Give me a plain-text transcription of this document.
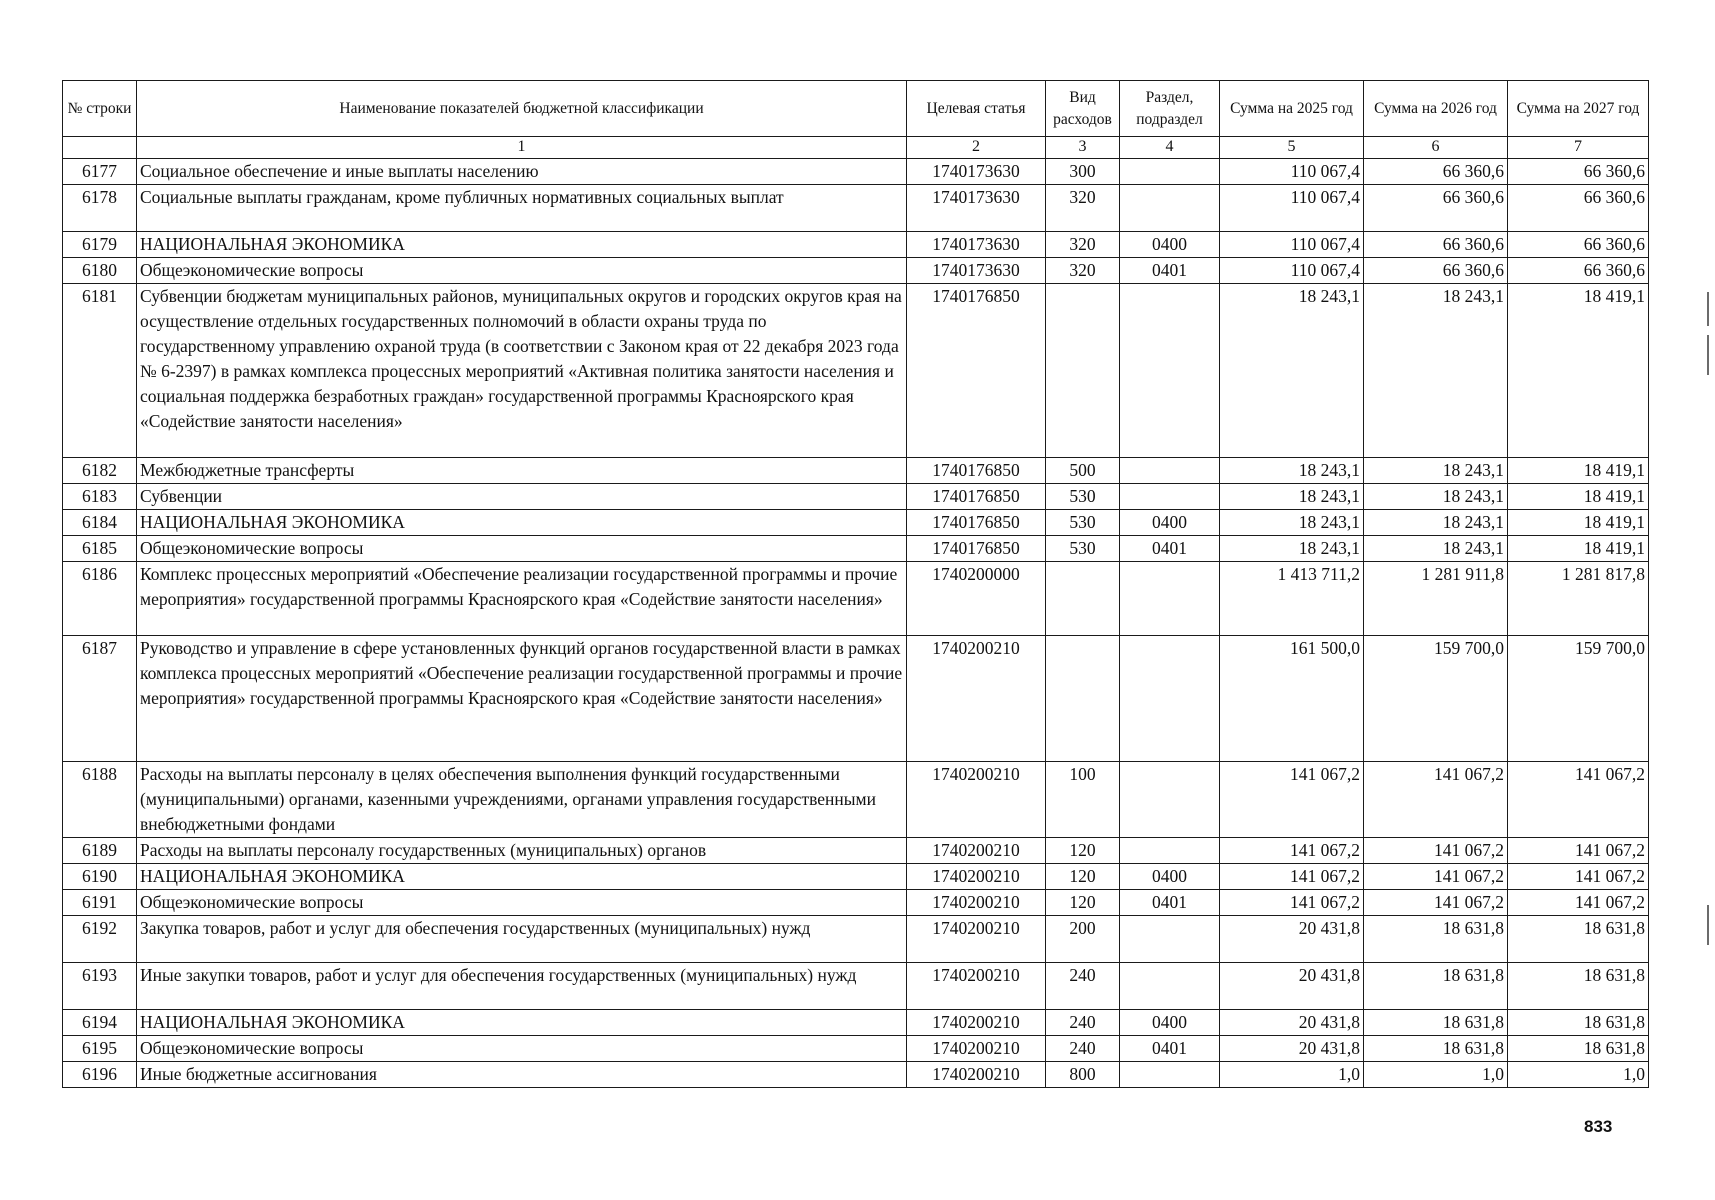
№ строки	Наименование показателей бюджетной классификации	Целевая статья	Вид расходов	Раздел, подраздел	Сумма на 2025 год	Сумма на 2026 год	Сумма на 2027 год
	1	2	3	4	5	6	7
6177	Социальное обеспечение и иные выплаты населению	1740173630	300		110 067,4	66 360,6	66 360,6
6178	Социальные выплаты гражданам, кроме публичных нормативных социальных выплат	1740173630	320		110 067,4	66 360,6	66 360,6
6179	НАЦИОНАЛЬНАЯ ЭКОНОМИКА	1740173630	320	0400	110 067,4	66 360,6	66 360,6
6180	Общеэкономические вопросы	1740173630	320	0401	110 067,4	66 360,6	66 360,6
6181	Субвенции бюджетам муниципальных районов, муниципальных округов и городских округов края на осуществление отдельных государственных полномочий в области охраны труда по государственному управлению охраной труда (в соответствии с Законом края от 22 декабря 2023 года № 6-2397) в рамках комплекса процессных мероприятий «Активная политика занятости населения и социальная поддержка безработных граждан» государственной программы Красноярского края «Содействие занятости населения»	1740176850			18 243,1	18 243,1	18 419,1
6182	Межбюджетные трансферты	1740176850	500		18 243,1	18 243,1	18 419,1
6183	Субвенции	1740176850	530		18 243,1	18 243,1	18 419,1
6184	НАЦИОНАЛЬНАЯ ЭКОНОМИКА	1740176850	530	0400	18 243,1	18 243,1	18 419,1
6185	Общеэкономические вопросы	1740176850	530	0401	18 243,1	18 243,1	18 419,1
6186	Комплекс процессных мероприятий «Обеспечение реализации государственной программы и прочие мероприятия» государственной программы Красноярского края «Содействие занятости населения»	1740200000			1 413 711,2	1 281 911,8	1 281 817,8
6187	Руководство и управление в сфере установленных функций органов государственной власти в рамках комплекса процессных мероприятий «Обеспечение реализации государственной программы и прочие мероприятия» государственной программы Красноярского края «Содействие занятости населения»	1740200210			161 500,0	159 700,0	159 700,0
6188	Расходы на выплаты персоналу в целях обеспечения выполнения функций государственными (муниципальными) органами, казенными учреждениями, органами управления государственными внебюджетными фондами	1740200210	100		141 067,2	141 067,2	141 067,2
6189	Расходы на выплаты персоналу государственных (муниципальных) органов	1740200210	120		141 067,2	141 067,2	141 067,2
6190	НАЦИОНАЛЬНАЯ ЭКОНОМИКА	1740200210	120	0400	141 067,2	141 067,2	141 067,2
6191	Общеэкономические вопросы	1740200210	120	0401	141 067,2	141 067,2	141 067,2
6192	Закупка товаров, работ и услуг для обеспечения государственных (муниципальных) нужд	1740200210	200		20 431,8	18 631,8	18 631,8
6193	Иные закупки товаров, работ и услуг для обеспечения государственных (муниципальных) нужд	1740200210	240		20 431,8	18 631,8	18 631,8
6194	НАЦИОНАЛЬНАЯ ЭКОНОМИКА	1740200210	240	0400	20 431,8	18 631,8	18 631,8
6195	Общеэкономические вопросы	1740200210	240	0401	20 431,8	18 631,8	18 631,8
6196	Иные бюджетные ассигнования	1740200210	800		1,0	1,0	1,0
833
